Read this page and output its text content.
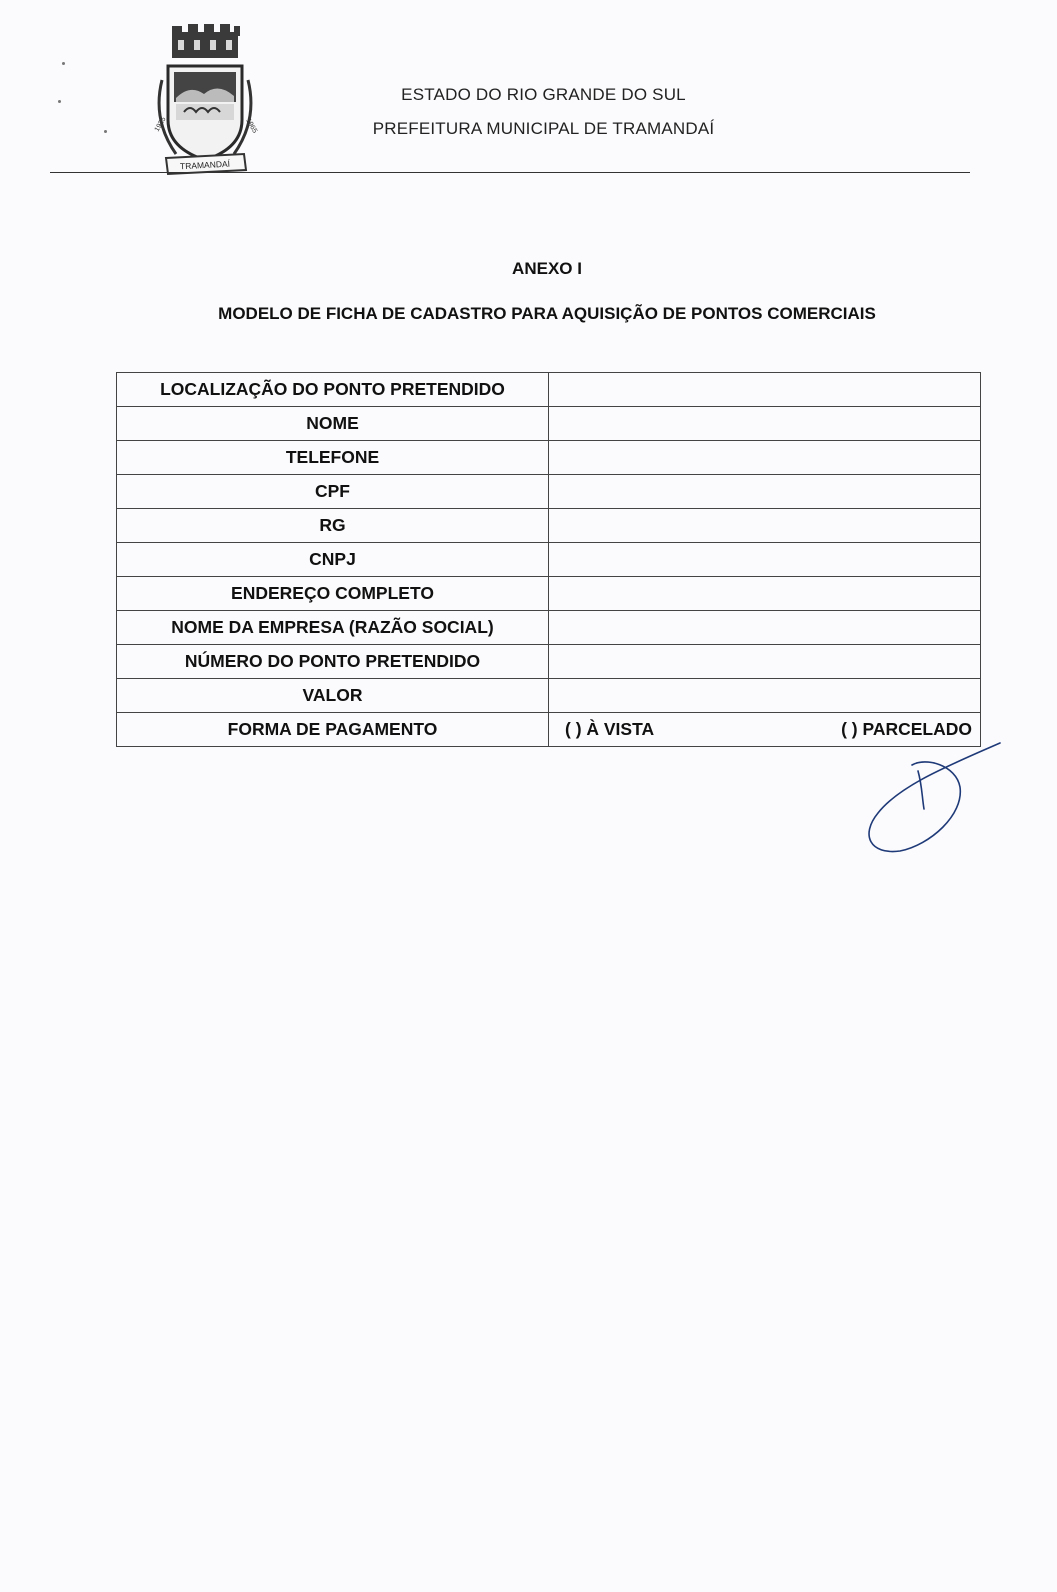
1925	1965
TRAMANDAÍ
ESTADO DO RIO GRANDE DO SUL
PREFEITURA MUNICIPAL DE TRAMANDAÍ
ANEXO I
MODELO DE FICHA DE CADASTRO PARA AQUISIÇÃO DE PONTOS COMERCIAIS
LOCALIZAÇÃO DO PONTO PRETENDIDO	
NOME	
TELEFONE	
CPF	
RG	
CNPJ	
ENDEREÇO COMPLETO	
NOME DA EMPRESA (RAZÃO SOCIAL)	
NÚMERO DO PONTO PRETENDIDO	
VALOR	
FORMA DE PAGAMENTO	( ) À VISTA ( ) PARCELADO
